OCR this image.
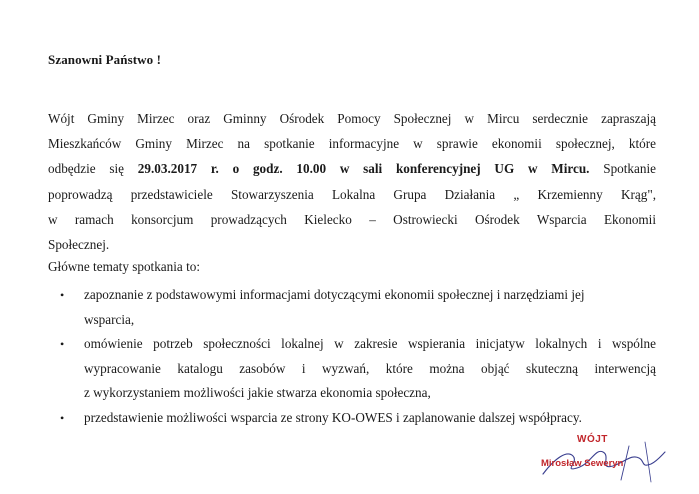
Szanowni Państwo !
Wójt Gminy Mirzec oraz Gminny Ośrodek Pomocy Społecznej w Mircu serdecznie zapraszają
Mieszkańców Gminy Mirzec na spotkanie informacyjne w sprawie ekonomii społecznej, które
odbędzie się 29.03.2017 r. o godz. 10.00 w sali konferencyjnej UG w Mircu. Spotkanie
poprowadzą przedstawiciele Stowarzyszenia Lokalna Grupa Działania „ Krzemienny Krąg",
w ramach konsorcjum prowadzących Kielecko – Ostrowiecki Ośrodek Wsparcia Ekonomii
Społecznej.
Główne tematy spotkania to:
• zapoznanie z podstawowymi informacjami dotyczącymi ekonomii społecznej i narzędziami jej
wsparcia,
• omówienie potrzeb społeczności lokalnej w zakresie wspierania inicjatyw lokalnych i wspólne
wypracowanie katalogu zasobów i wyzwań, które można objąć skuteczną interwencją
z wykorzystaniem możliwości jakie stwarza ekonomia społeczna,
• przedstawienie możliwości wsparcia ze strony KO-OWES i zaplanowanie dalszej współpracy.
WÓJT
Mirosław Seweryn
